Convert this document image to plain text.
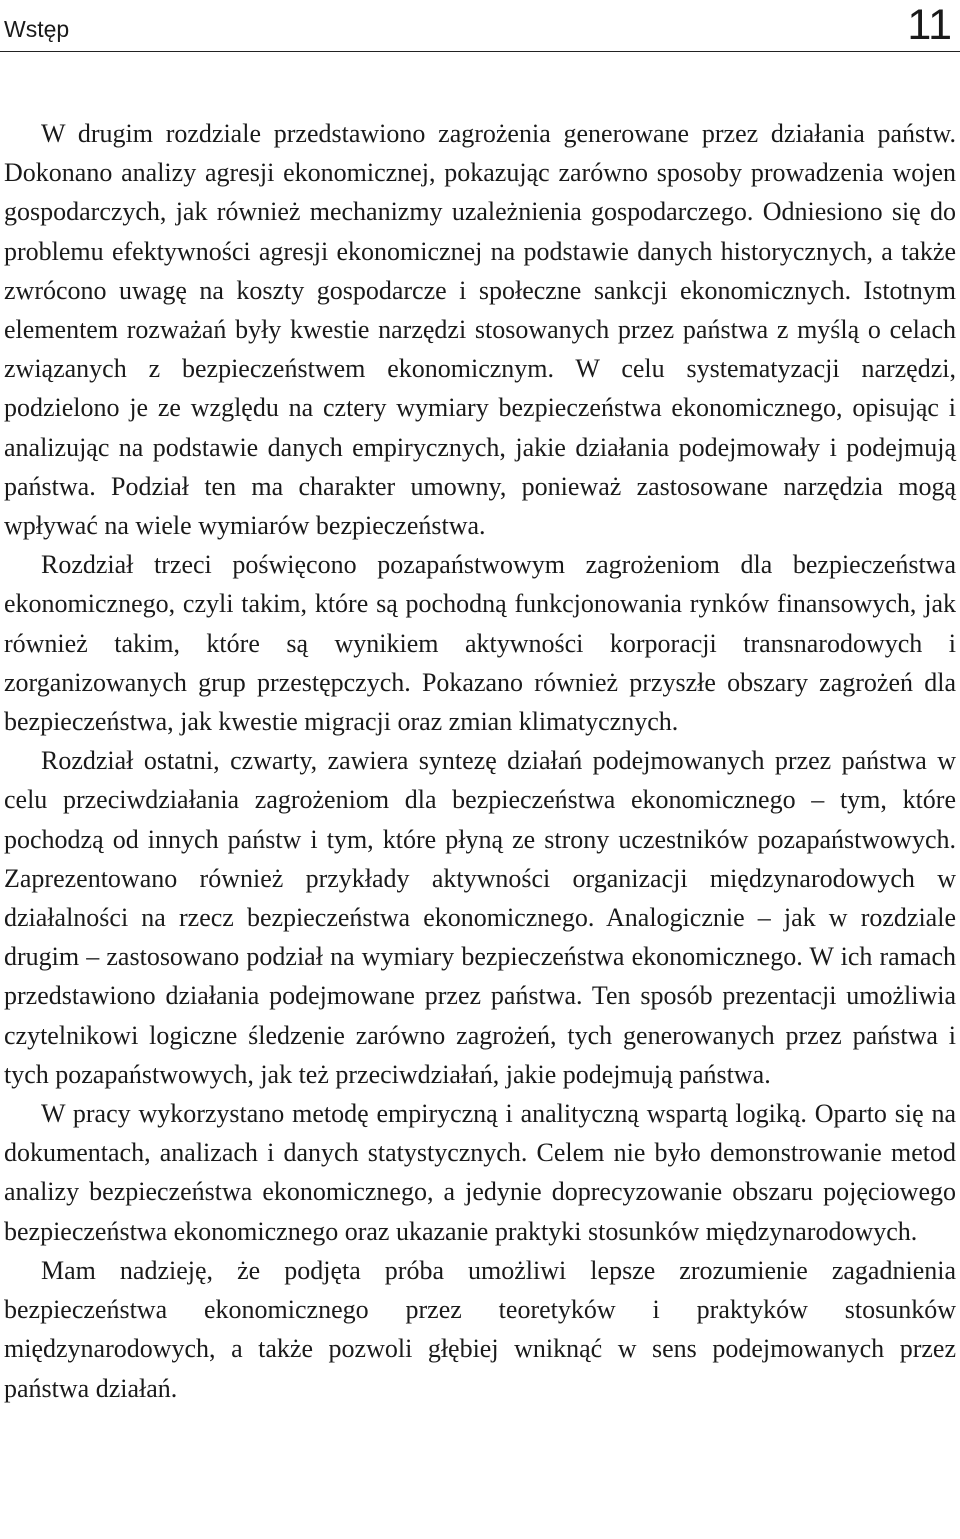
Wstęp	11

W drugim rozdziale przedstawiono zagrożenia generowane przez działania państw. Dokonano analizy agresji ekonomicznej, pokazując zarówno sposoby prowadzenia wojen gospodarczych, jak również mechanizmy uzależnienia gospodarczego. Odniesiono się do problemu efektywności agresji ekonomicznej na podstawie danych historycznych, a także zwrócono uwagę na koszty gospodarcze i społeczne sankcji ekonomicznych. Istotnym elementem rozważań były kwestie narzędzi stosowanych przez państwa z myślą o celach związanych z bezpieczeństwem ekonomicznym. W celu systematyzacji narzędzi, podzielono je ze względu na cztery wymiary bezpieczeństwa ekonomicznego, opisując i analizując na podstawie danych empirycznych, jakie działania podejmowały i podejmują państwa. Podział ten ma charakter umowny, ponieważ zastosowane narzędzia mogą wpływać na wiele wymiarów bezpieczeństwa.

Rozdział trzeci poświęcono pozapaństwowym zagrożeniom dla bezpieczeństwa ekonomicznego, czyli takim, które są pochodną funkcjonowania rynków finansowych, jak również takim, które są wynikiem aktywności korporacji transnarodowych i zorganizowanych grup przestępczych. Pokazano również przyszłe obszary zagrożeń dla bezpieczeństwa, jak kwestie migracji oraz zmian klimatycznych.

Rozdział ostatni, czwarty, zawiera syntezę działań podejmowanych przez państwa w celu przeciwdziałania zagrożeniom dla bezpieczeństwa ekonomicznego – tym, które pochodzą od innych państw i tym, które płyną ze strony uczestników pozapaństwowych. Zaprezentowano również przykłady aktywności organizacji międzynarodowych w działalności na rzecz bezpieczeństwa ekonomicznego. Analogicznie – jak w rozdziale drugim – zastosowano podział na wymiary bezpieczeństwa ekonomicznego. W ich ramach przedstawiono działania podejmowane przez państwa. Ten sposób prezentacji umożliwia czytelnikowi logiczne śledzenie zarówno zagrożeń, tych generowanych przez państwa i tych pozapaństwowych, jak też przeciwdziałań, jakie podejmują państwa.

W pracy wykorzystano metodę empiryczną i analityczną wspartą logiką. Oparto się na dokumentach, analizach i danych statystycznych. Celem nie było demonstrowanie metod analizy bezpieczeństwa ekonomicznego, a jedynie doprecyzowanie obszaru pojęciowego bezpieczeństwa ekonomicznego oraz ukazanie praktyki stosunków międzynarodowych.

Mam nadzieję, że podjęta próba umożliwi lepsze zrozumienie zagadnienia bezpieczeństwa ekonomicznego przez teoretyków i praktyków stosunków międzynarodowych, a także pozwoli głębiej wniknąć w sens podejmowanych przez państwa działań.
